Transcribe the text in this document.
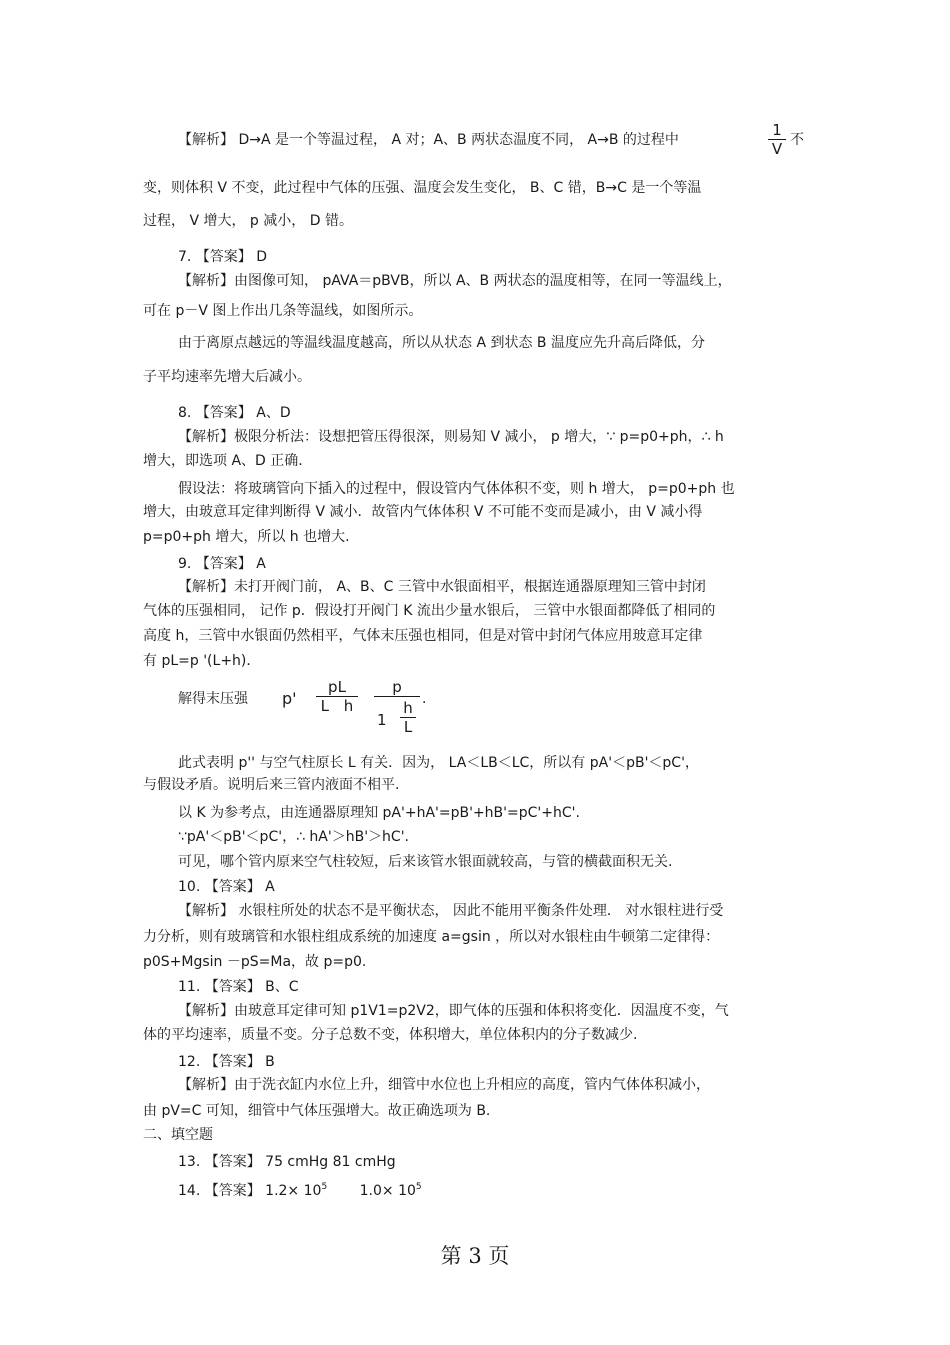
【解析】 D→A 是一个等温过程， A 对；A、B 两状态温度不同， A→B 的过程中	$\frac{1}{V}$ 不
变，则体积 V 不变，此过程中气体的压强、温度会发生变化， B、C 错，B→C 是一个等温
过程， V 增大， p 减小， D 错。
7. 【答案】 D
【解析】由图像可知， pAVA＝pBVB，所以 A、B 两状态的温度相等，在同一等温线上，
可在 p－V 图上作出几条等温线，如图所示。
由于离原点越远的等温线温度越高，所以从状态 A 到状态 B 温度应先升高后降低，分
子平均速率先增大后减小。
8. 【答案】 A、D
【解析】极限分析法：设想把管压得很深，则易知 V 减小， p 增大，∵ p=p0+ph，∴ h
增大，即选项 A、D 正确.
假设法：将玻璃管向下插入的过程中，假设管内气体体积不变，则 h 增大， p=p0+ph 也
增大，由玻意耳定律判断得 V 减小．故管内气体体积 V 不可能不变而是减小，由 V 减小得
p=p0+ph 增大，所以 h 也增大.
9. 【答案】 A
【解析】未打开阀门前， A、B、C 三管中水银面相平，根据连通器原理知三管中封闭
气体的压强相同， 记作 p．假设打开阀门 K 流出少量水银后， 三管中水银面都降低了相同的
高度 h，三管中水银面仍然相平，气体末压强也相同，但是对管中封闭气体应用玻意耳定律
有 pL=p '(L+h)．
解得末压强 $p' \frac{pL}{\text{L h}} \frac{p}{1 \frac{h}{L}}$ .
此式表明 p'' 与空气柱原长 L 有关．因为， LA＜LB＜LC，所以有 pA'＜pB'＜pC'，
与假设矛盾。说明后来三管内液面不相平.
以 K 为参考点，由连通器原理知 pA'+hA'=pB'+hB'=pC'+hC'.
∵pA'＜pB'＜pC'，∴ hA'＞hB'＞hC'.
可见，哪个管内原来空气柱较短，后来该管水银面就较高，与管的横截面积无关.
10. 【答案】 A
【解析】 水银柱所处的状态不是平衡状态， 因此不能用平衡条件处理． 对水银柱进行受
力分析，则有玻璃管和水银柱组成系统的加速度 a=gsin ，所以对水银柱由牛顿第二定律得：
p0S+Mgsin －pS=Ma，故 p=p0.
11. 【答案】 B、C
【解析】由玻意耳定律可知 p1V1=p2V2，即气体的压强和体积将变化．因温度不变，气
体的平均速率，质量不变。分子总数不变，体积增大，单位体积内的分子数减少.
12. 【答案】 B
【解析】由于洗衣缸内水位上升，细管中水位也上升相应的高度，管内气体体积减小，
由 pV=C 可知，细管中气体压强增大。故正确选项为 B.
二、填空题
13. 【答案】 75 cmHg 81 cmHg
14. 【答案】 $1.2\times 10^5$ $1.0\times 10^5$
第 3 页
